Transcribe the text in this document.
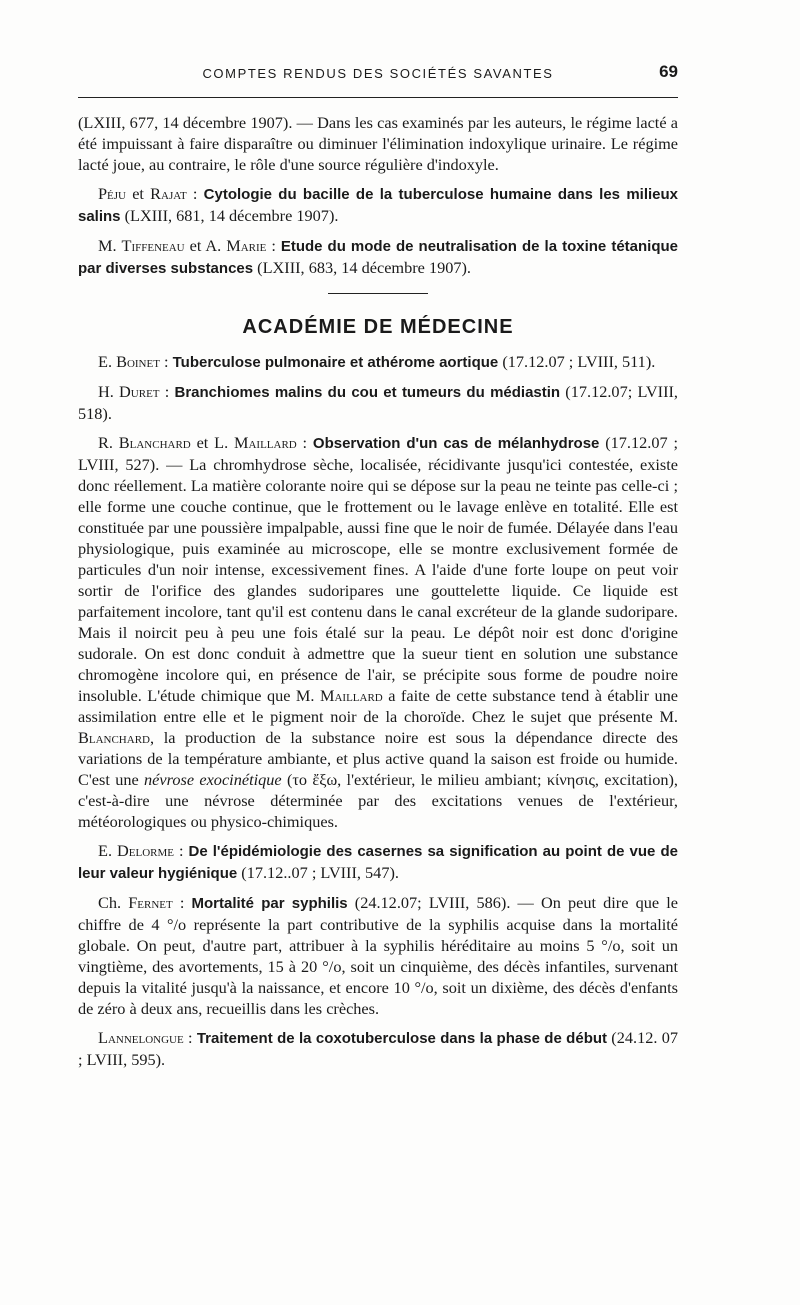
COMPTES RENDUS DES SOCIÉTÉS SAVANTES	69

(LXIII, 677, 14 décembre 1907). — Dans les cas examinés par les auteurs, le régime lacté a été impuissant à faire disparaître ou diminuer l'élimination indoxylique urinaire. Le régime lacté joue, au contraire, le rôle d'une source régulière d'indoxyle.

Péju et Rajat : Cytologie du bacille de la tuberculose humaine dans les milieux salins (LXIII, 681, 14 décembre 1907).

M. Tiffeneau et A. Marie : Etude du mode de neutralisation de la toxine tétanique par diverses substances (LXIII, 683, 14 décembre 1907).

ACADÉMIE DE MÉDECINE

E. Boinet : Tuberculose pulmonaire et athérome aortique (17.12.07 ; LVIII, 511).

H. Duret : Branchiomes malins du cou et tumeurs du médiastin (17.12.07; LVIII, 518).

R. Blanchard et L. Maillard : Observation d'un cas de mélanhydrose (17.12.07 ; LVIII, 527). — La chromhydrose sèche, localisée, récidivante jusqu'ici contestée, existe donc réellement. La matière colorante noire qui se dépose sur la peau ne teinte pas celle-ci ; elle forme une couche continue, que le frottement ou le lavage enlève en totalité. Elle est constituée par une poussière impalpable, aussi fine que le noir de fumée. Délayée dans l'eau physiologique, puis examinée au microscope, elle se montre exclusivement formée de particules d'un noir intense, excessivement fines. A l'aide d'une forte loupe on peut voir sortir de l'orifice des glandes sudoripares une gouttelette liquide. Ce liquide est parfaitement incolore, tant qu'il est contenu dans le canal excréteur de la glande sudoripare. Mais il noircit peu à peu une fois étalé sur la peau. Le dépôt noir est donc d'origine sudorale. On est donc conduit à admettre que la sueur tient en solution une substance chromogène incolore qui, en présence de l'air, se précipite sous forme de poudre noire insoluble. L'étude chimique que M. Maillard a faite de cette substance tend à établir une assimilation entre elle et le pigment noir de la choroïde. Chez le sujet que présente M. Blanchard, la production de la substance noire est sous la dépendance directe des variations de la température ambiante, et plus active quand la saison est froide ou humide. C'est une névrose exocinétique (το ἔξω, l'extérieur, le milieu ambiant; κίνησις, excitation), c'est-à-dire une névrose déterminée par des excitations venues de l'extérieur, météorologiques ou physico-chimiques.

E. Delorme : De l'épidémiologie des casernes sa signification au point de vue de leur valeur hygiénique (17.12..07 ; LVIII, 547).

Ch. Fernet : Mortalité par syphilis (24.12.07; LVIII, 586). — On peut dire que le chiffre de 4 °/o représente la part contributive de la syphilis acquise dans la mortalité globale. On peut, d'autre part, attribuer à la syphilis héréditaire au moins 5 °/o, soit un vingtième, des avortements, 15 à 20 °/o, soit un cinquième, des décès infantiles, survenant depuis la vitalité jusqu'à la naissance, et encore 10 °/o, soit un dixième, des décès d'enfants de zéro à deux ans, recueillis dans les crèches.

Lannelongue : Traitement de la coxotuberculose dans la phase de début (24.12. 07 ; LVIII, 595).
